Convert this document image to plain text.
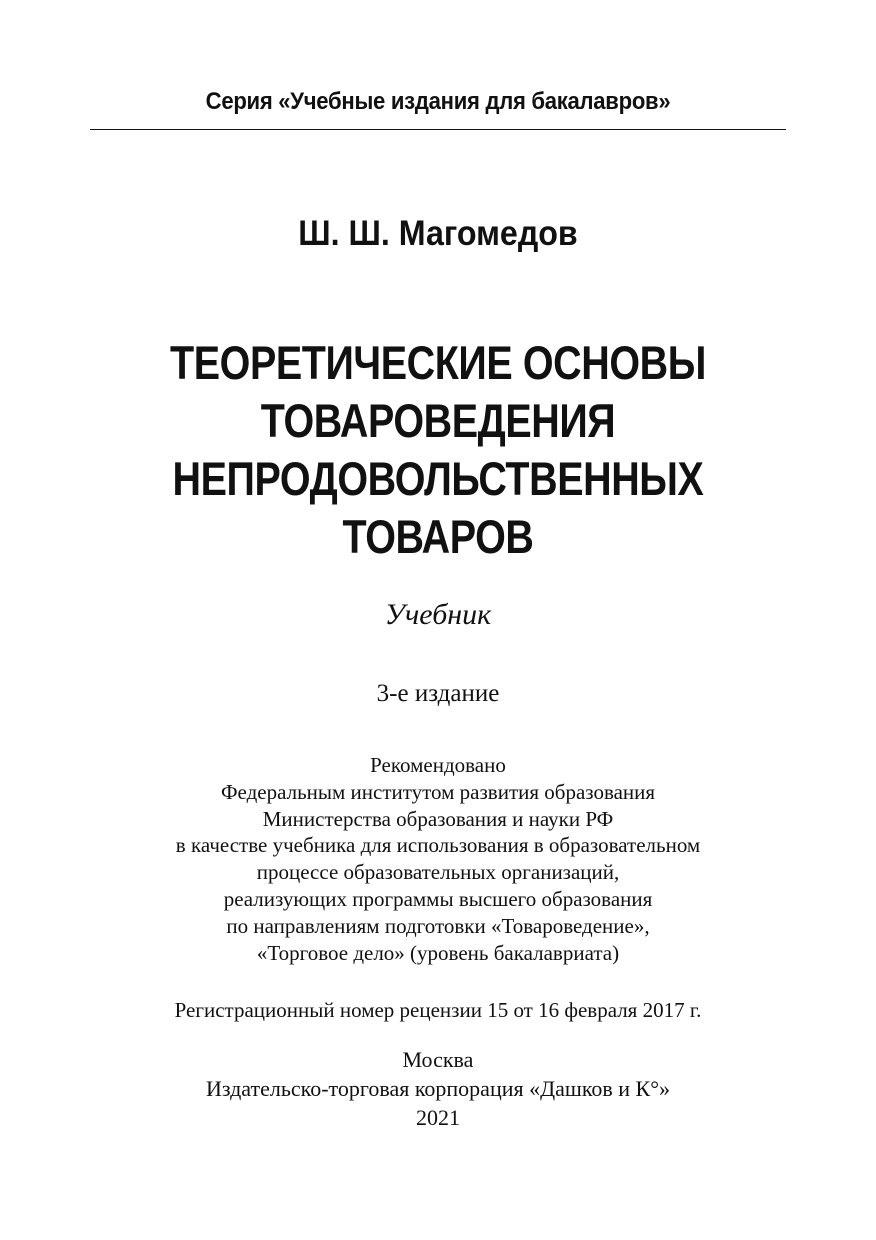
Серия «Учебные издания для бакалавров»
Ш. Ш. Магомедов
ТЕОРЕТИЧЕСКИЕ ОСНОВЫ
ТОВАРОВЕДЕНИЯ
НЕПРОДОВОЛЬСТВЕННЫХ
ТОВАРОВ
Учебник
3-е издание
Рекомендовано
Федеральным институтом развития образования
Министерства образования и науки РФ
в качестве учебника для использования в образовательном
процессе образовательных организаций,
реализующих программы высшего образования
по направлениям подготовки «Товароведение»,
«Торговое дело» (уровень бакалавриата)
Регистрационный номер рецензии 15 от 16 февраля 2017 г.
Москва
Издательско-торговая корпорация «Дашков и К°»
2021
